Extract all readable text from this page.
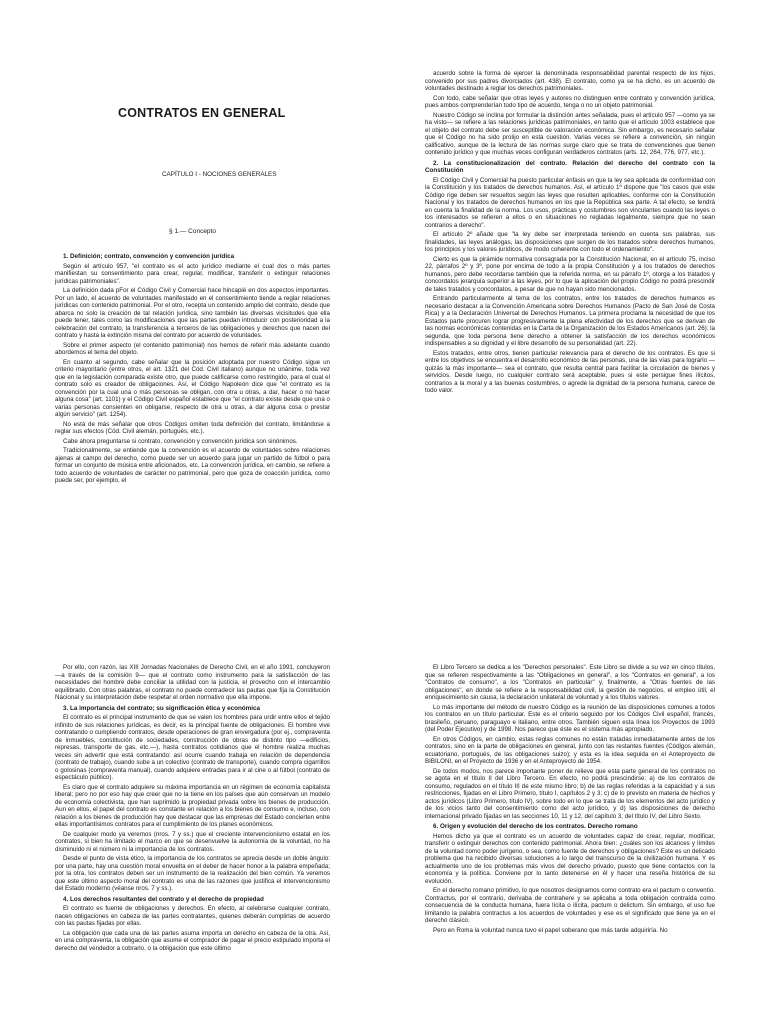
CONTRATOS EN GENERAL
CAPÍTULO I - NOCIONES GENERALES
§ 1.— Concepto
1. Definición; contrato, convención y convención jurídica

Según el artículo 957, "el contrato es el acto jurídico mediante el cual dos o más partes manifiestan su consentimiento para crear, regular, modificar, transferir o extinguir relaciones jurídicas patrimoniales".

La definición dada pFor el Código Civil y Comercial hace hincapié en dos aspectos importantes. Por un lado, el acuerdo de voluntades manifestado en el consentimiento tiende a reglar relaciones jurídicas con contenido patrimonial. Por el otro, recepta un contenido amplio del contrato, desde que abarca no solo la creación de tal relación jurídica, sino también las diversas vicisitudes que ella puede tener, tales como las modificaciones que las partes puedan introducir con posterioridad a la celebración del contrato, la transferencia a terceros de las obligaciones y derechos que nacen del contrato y hasta la extinción misma del contrato por acuerdo de voluntades.

Sobre el primer aspecto (el contenido patrimonial) nos hemos de referir más adelante cuando abordemos el tema del objeto.

En cuanto al segundo, cabe señalar que la posición adoptada por nuestro Código sigue un criterio mayoritario (entre otros, el art. 1321 del Cód. Civil italiano) aunque no unánime, toda vez que en la legislación comparada existe otro, que puede calificarse como restringido, para el cual el contrato solo es creador de obligaciones. Así, el Código Napoleón dice que "el contrato es la convención por la cual una o más personas se obligan, con otra u otras, a dar, hacer o no hacer alguna cosa" (art. 1101) y el Código Civil español establece que "el contrato existe desde que una o varias personas consienten en obligarse, respecto de otra u otras, a dar alguna cosa o prestar algún servicio" (art. 1254).

No está de más señalar que otros Códigos omiten toda definición del contrato, limitándose a reglar sus efectos (Cód. Civil alemán, portugués, etc.).

Cabe ahora preguntarse si contrato, convención y convención jurídica son sinónimos.

Tradicionalmente, se entiende que la convención es el acuerdo de voluntades sobre relaciones ajenas al campo del derecho, como puede ser un acuerdo para jugar un partido de fútbol o para formar un conjunto de música entre aficionados, etc. La convención jurídica, en cambio, se refiere a todo acuerdo de voluntades de carácter no patrimonial, pero que goza de coacción jurídica, como puede ser, por ejemplo, el

acuerdo sobre la forma de ejercer la denominada responsabilidad parental respecto de los hijos, convenido por sus padres divorciados (art. 438). El contrato, como ya se ha dicho, es un acuerdo de voluntades destinado a reglar los derechos patrimoniales.

Con todo, cabe señalar que otras leyes y autores no distinguen entre contrato y convención jurídica, pues ambos comprenderían todo tipo de acuerdo, tenga o no un objeto patrimonial.

Nuestro Código se inclina por formular la distinción antes señalada, pues el artículo 957 —como ya se ha visto— se refiere a las relaciones jurídicas patrimoniales, en tanto que el artículo 1003 establece que el objeto del contrato debe ser susceptible de valoración económica. Sin embargo, es necesario señalar que el Código no ha sido prolijo en esta cuestión. Varias veces se refiere a convención, sin ningún calificativo, aunque de la lectura de las normas surge claro que se trata de convenciones que tienen contenido jurídico y que muchas veces configuran verdaderos contratos (arts. 12, 264, 776, 977, etc.).

2. La constitucionalización del contrato. Relación del derecho del contrato con la Constitución

El Código Civil y Comercial ha puesto particular énfasis en que la ley sea aplicada de conformidad con la Constitución y los tratados de derechos humanos. Así, el artículo 1º dispone que "los casos que este Código rige deben ser resueltos según las leyes que resulten aplicables, conforme con la Constitución Nacional y los tratados de derechos humanos en los que la República sea parte. A tal efecto, se tendrá en cuenta la finalidad de la norma. Los usos, prácticas y costumbres son vinculantes cuando las leyes o los interesados se refieren a ellos o en situaciones no regladas legalmente, siempre que no sean contrarios a derecho".

El artículo 2º añade que "la ley debe ser interpretada teniendo en cuenta sus palabras, sus finalidades, las leyes análogas, las disposiciones que surgen de los tratados sobre derechos humanos, los principios y los valores jurídicos, de modo coherente con todo el ordenamiento".

Cierto es que la pirámide normativa consagrada por la Constitución Nacional, en el artículo 75, inciso 22, párrafos 2º y 3º, pone por encima de todo a la propia Constitución y a los tratados de derechos humanos, pero debe recordarse también que la referida norma, en su párrafo 1º, otorga a los tratados y concordatos jerarquía superior a las leyes, por lo que la aplicación del propio Código no podrá prescindir de tales tratados y concordatos, a pesar de que no hayan sido mencionados.

Entrando particularmente al tema de los contratos, entre los tratados de derechos humanos es necesario destacar a la Convención Americana sobre Derechos Humanos (Pacto de San José de Costa Rica) y a la Declaración Universal de Derechos Humanos. La primera proclama la necesidad de que los Estados parte procuren lograr progresivamente la plena efectividad de los derechos que se derivan de las normas económicas contenidas en la Carta de la Organización de los Estados Americanos (art. 26); la segunda, que toda persona tiene derecho a obtener la satisfacción de los derechos económicos indispensables a su dignidad y el libre desarrollo de su personalidad (art. 22).

Estos tratados, entre otros, tienen particular relevancia para el derecho de los contratos. Es que si entre los objetivos se encuentra el desarrollo económico de las personas, una de las vías para lograrlo —quizás la más importante— sea el contrato, que resulta central para facilitar la circulación de bienes y servicios. Desde luego, no cualquier contrato será aceptable, pues si este persigue fines ilícitos, contrarios a la moral y a las buenas costumbres, o agrede la dignidad de la persona humana, carece de todo valor.

Por ello, con razón, las XIII Jornadas Nacionales de Derecho Civil, en el año 1991, concluyeron —a través de la comisión 9— que el contrato como instrumento para la satisfacción de las necesidades del hombre debe conciliar la utilidad con la justicia, el provecho con el intercambio equilibrado. Con otras palabras, el contrato no puede contradecir las pautas que fija la Constitución Nacional y su interpretación debe respetar el orden normativo que ella impone.

3. La importancia del contrato; su significación ética y económica

El contrato es el principal instrumento de que se valen los hombres para urdir entre ellos el tejido infinito de sus relaciones jurídicas, es decir, es la principal fuente de obligaciones. El hombre vive contratando o cumpliendo contratos, desde operaciones de gran envergadura (por ej., compraventa de inmuebles, constitución de sociedades, construcción de obras de distinto tipo —edificios, represas, transporte de gas, etc.—), hasta contratos cotidianos que el hombre realiza muchas veces sin advertir que está contratando: así ocurre cuando trabaja en relación de dependencia (contrato de trabajo), cuando sube a un colectivo (contrato de transporte), cuando compra cigarrillos o golosinas (compraventa manual), cuando adquiere entradas para ir al cine o al fútbol (contrato de espectáculo público).

Es claro que el contrato adquiere su máxima importancia en un régimen de economía capitalista liberal; pero no por eso hay que creer que no la tiene en los países que aún conservan un modelo de economía colectivista, que han suprimido la propiedad privada sobre los bienes de producción. Aun en ellos, el papel del contrato es constante en relación a los bienes de consumo e, incluso, con relación a los bienes de producción hay que destacar que las empresas del Estado concierten entre ellas importantísimos contratos para el cumplimiento de los planes económicos.

De cualquier modo ya veremos (nros. 7 y ss.) que el creciente intervencionismo estatal en los contratos, si bien ha limitado el marco en que se desenvuelve la autonomía de la voluntad, no ha disminuido ni el número ni la importancia de los contratos.

Desde el punto de vista ético, la importancia de los contratos se aprecia desde un doble ángulo: por una parte, hay una cuestión moral envuelta en el deber de hacer honor a la palabra empeñada; por la otra, los contratos deben ser un instrumento de la realización del bien común. Ya veremos que este último aspecto moral del contrato es una de las razones que justifica el intervencionismo del Estado moderno (véanse nros. 7 y ss.).

4. Los derechos resultantes del contrato y el derecho de propiedad

El contrato es fuente de obligaciones y derechos. En efecto, al celebrarse cualquier contrato, nacen obligaciones en cabeza de las partes contratantes, quienes deberán cumplirlas de acuerdo con las pautas fijadas por ellas.

La obligación que cada una de las partes asuma importa un derecho en cabeza de la otra. Así, en una compraventa, la obligación que asume el comprador de pagar el precio estipulado importa el derecho del vendedor a cobrarlo, o la obligación que este último

El Libro Tercero se dedica a los "Derechos personales". Este Libro se divide a su vez en cinco títulos, que se refieren respectivamente a las "Obligaciones en general", a los "Contratos en general", a los "Contratos de consumo", a los "Contratos en particular" y, finalmente, a "Otras fuentes de las obligaciones", en donde se refiere a la responsabilidad civil, la gestión de negocios, el empleo útil, el enriquecimiento sin causa, la declaración unilateral de voluntad y a los títulos valores.

Lo más importante del método de nuestro Código es la reunión de las disposiciones comunes a todos los contratos en un título particular. Este es el criterio seguido por los Códigos Civil español, francés, brasileño, peruano, paraguayo e italiano, entre otros. También siguen esta línea los Proyectos de 1993 (del Poder Ejecutivo) y de 1998. Nos parece que éste es el sistema más apropiado.

En otros Códigos, en cambio, estas reglas comunes no están tratadas inmediatamente antes de los contratos, sino en la parte de obligaciones en general, junto con las restantes fuentes (Códigos alemán, ecuatoriano, portugués, de las obligaciones suizo); y esta es la idea seguida en el Anteproyecto de BIBILONI, en el Proyecto de 1936 y en el Anteproyecto de 1954.

De todos modos, nos parece importante poner de relieve que esta parte general de los contratos no se agota en el título II del Libro Tercero. En efecto, no podrá prescindirse: a) de los contratos de consumo, regulados en el título III de este mismo libro; b) de las reglas referidas a la capacidad y a sus restricciones, fijadas en el Libro Primero, título I, capítulos 2 y 3; c) de lo previsto en materia de hechos y actos jurídicos (Libro Primero, título IV), sobre todo en lo que se trata de los elementos del acto jurídico y de los vicios tanto del consentimiento como del acto jurídico, y d) las disposiciones de derecho internacional privado fijadas en las secciones 10, 11 y 12, del capítulo 3, del título IV, del Libro Sexto.

6. Origen y evolución del derecho de los contratos. Derecho romano

Hemos dicho ya que el contrato es un acuerdo de voluntades capaz de crear, regular, modificar, transferir o extinguir derechos con contenido patrimonial. Ahora bien: ¿cuáles son los alcances y límites de la voluntad como poder jurígeno, o sea, como fuente de derechos y obligaciones? Este es un delicado problema que ha recibido diversas soluciones a lo largo del transcurso de la civilización humana. Y es actualmente uno de los problemas más vivos del derecho privado, puesto que tiene contactos con la economía y la política. Conviene por lo tanto detenerse en él y hacer una reseña histórica de su evolución.

En el derecho romano primitivo, lo que nosotros designamos como contrato era el pactum o conventio. Contractus, por el contrario, derivaba de contrahere y se aplicaba a toda obligación contraída como consecuencia de la conducta humana, fuera lícita o ilícita, pactum o delictum. Sin embargo, el uso fue limitando la palabra contractus a los acuerdos de voluntades y ese es el significado que tiene ya en el derecho clásico.

Pero en Roma la voluntad nunca tuvo el papel soberano que más tarde adquiriría. No
